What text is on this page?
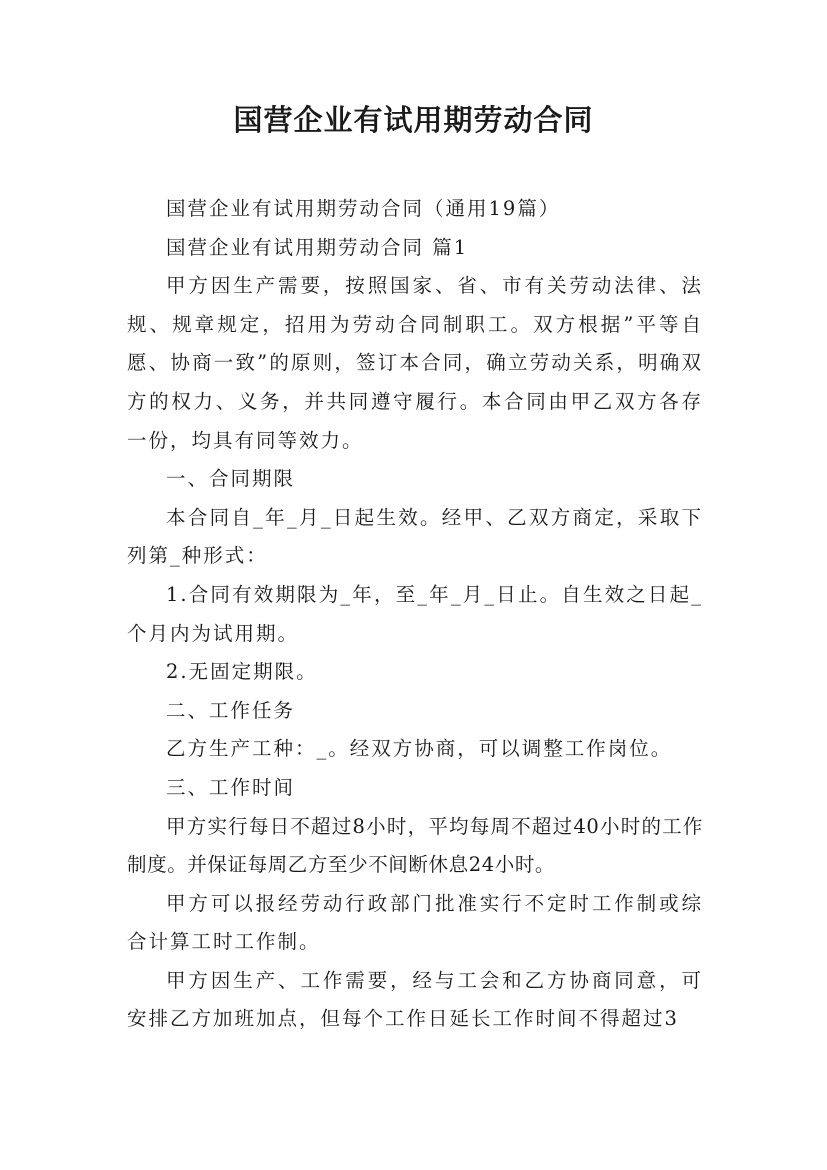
国营企业有试用期劳动合同

国营企业有试用期劳动合同（通用19篇）

国营企业有试用期劳动合同 篇1

甲方因生产需要，按照国家、省、市有关劳动法律、法规、规章规定，招用为劳动合同制职工。双方根据”平等自愿、协商一致”的原则，签订本合同，确立劳动关系，明确双方的权力、义务，并共同遵守履行。本合同由甲乙双方各存一份，均具有同等效力。

一、合同期限

本合同自_年_月_日起生效。经甲、乙双方商定，采取下列第_种形式：

1.合同有效期限为_年，至_年_月_日止。自生效之日起_个月内为试用期。

2.无固定期限。

二、工作任务

乙方生产工种：_。经双方协商，可以调整工作岗位。

三、工作时间

甲方实行每日不超过8小时，平均每周不超过40小时的工作制度。并保证每周乙方至少不间断休息24小时。

甲方可以报经劳动行政部门批准实行不定时工作制或综合计算工时工作制。

甲方因生产、工作需要，经与工会和乙方协商同意，可安排乙方加班加点，但每个工作日延长工作时间不得超过3
